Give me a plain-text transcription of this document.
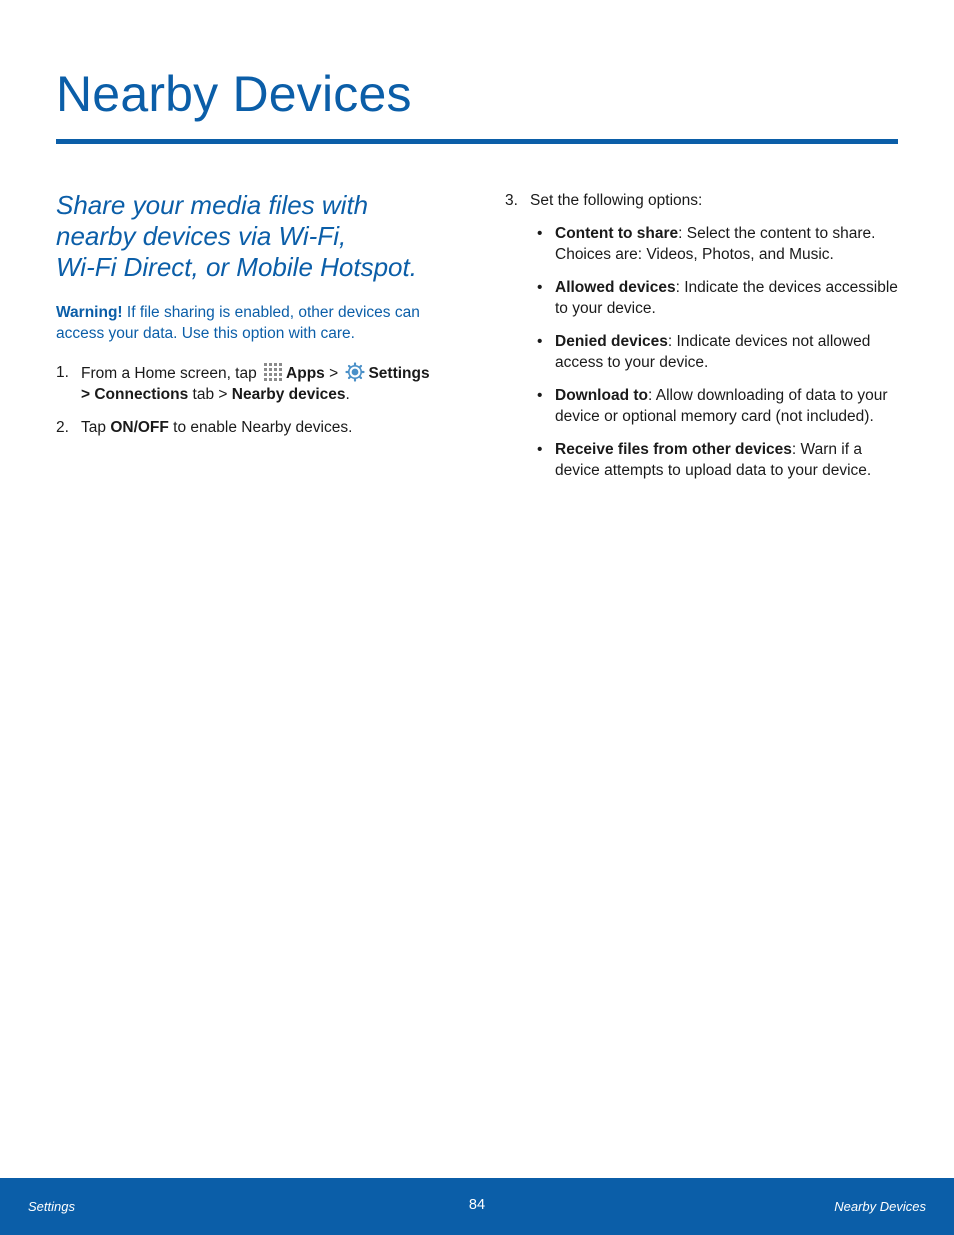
Nearby Devices
Share your media files with
nearby devices via Wi-Fi,
Wi-Fi Direct, or Mobile Hotspot.

Warning! If file sharing is enabled, other devices can access your data. Use this option with care.

1. From a Home screen, tap Apps > Settings
> Connections tab > Nearby devices.
2. Tap ON/OFF to enable Nearby devices.
3. Set the following options:
• Content to share: Select the content to share. Choices are: Videos, Photos, and Music.
• Allowed devices: Indicate the devices accessible to your device.
• Denied devices: Indicate devices not allowed access to your device.
• Download to: Allow downloading of data to your device or optional memory card (not included).
• Receive files from other devices: Warn if a device attempts to upload data to your device.
Settings	84	Nearby Devices
